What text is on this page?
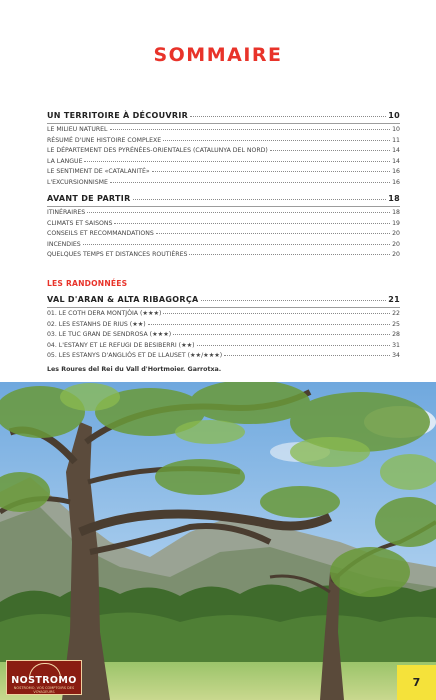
SOMMAIRE
UN TERRITOIRE À DÉCOUVRIR	10
LE MILIEU NATUREL	10
RÉSUMÉ D'UNE HISTOIRE COMPLEXE	11
LE DÉPARTEMENT DES PYRÉNÉES-ORIENTALES (CATALUNYA DEL NORD)	14
LA LANGUE	14
LE SENTIMENT DE «CATALANITÉ»	16
L'EXCURSIONNISME	16
AVANT DE PARTIR	18
ITINÉRAIRES	18
CLIMATS ET SAISONS	19
CONSEILS ET RECOMMANDATIONS	20
INCENDIES	20
QUELQUES TEMPS ET DISTANCES ROUTIÈRES	20
LES RANDONNÉES
VAL D'ARAN & ALTA RIBAGORÇA	21
01. LE COTH DERA MONTJÒIA (★★★)	22
02. LES ESTANHS DE RIUS (★★)	25
03. LE TUC GRAN DE SENDROSA (★★★)	28
04. L'ESTANY ET LE REFUGI DE BESIBERRI (★★)	31
05. LES ESTANYS D'ANGLIÓS ET DE LLAUSET (★★/★★★)	34
Les Roures del Rei du Vall d'Hortmoier. Garrotxa.
NOSTROMO
NOSTROMO, VOS COMPTOIRS DES VOYAGEURS
7
